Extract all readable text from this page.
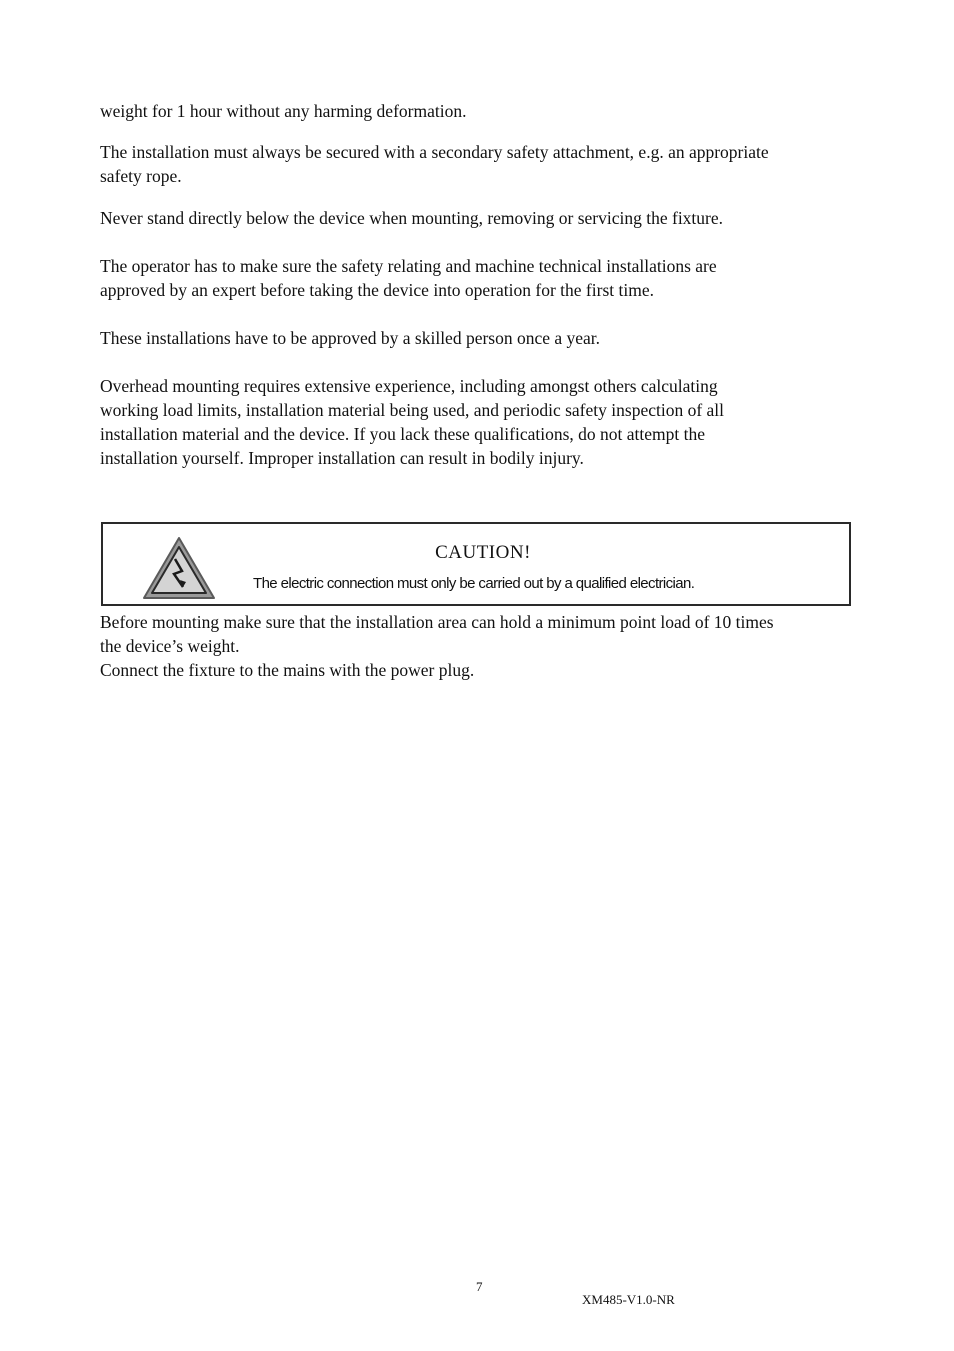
weight for 1 hour without any harming deformation.

The installation must always be secured with a secondary safety attachment, e.g. an appropriate
safety rope.

Never stand directly below the device when mounting, removing or servicing the fixture.

The operator has to make sure the safety relating and machine technical installations are
approved by an expert before taking the device into operation for the first time.

These installations have to be approved by a skilled person once a year.

Overhead mounting requires extensive experience, including amongst others calculating
working load limits, installation material being used, and periodic safety inspection of all
installation material and the device. If you lack these qualifications, do not attempt the
installation yourself. Improper installation can result in bodily injury.

CAUTION!
The electric connection must only be carried out by a qualified electrician.

Before mounting make sure that the installation area can hold a minimum point load of 10 times
the device’s weight.
Connect the fixture to the mains with the power plug.

7
XM485-V1.0-NR
